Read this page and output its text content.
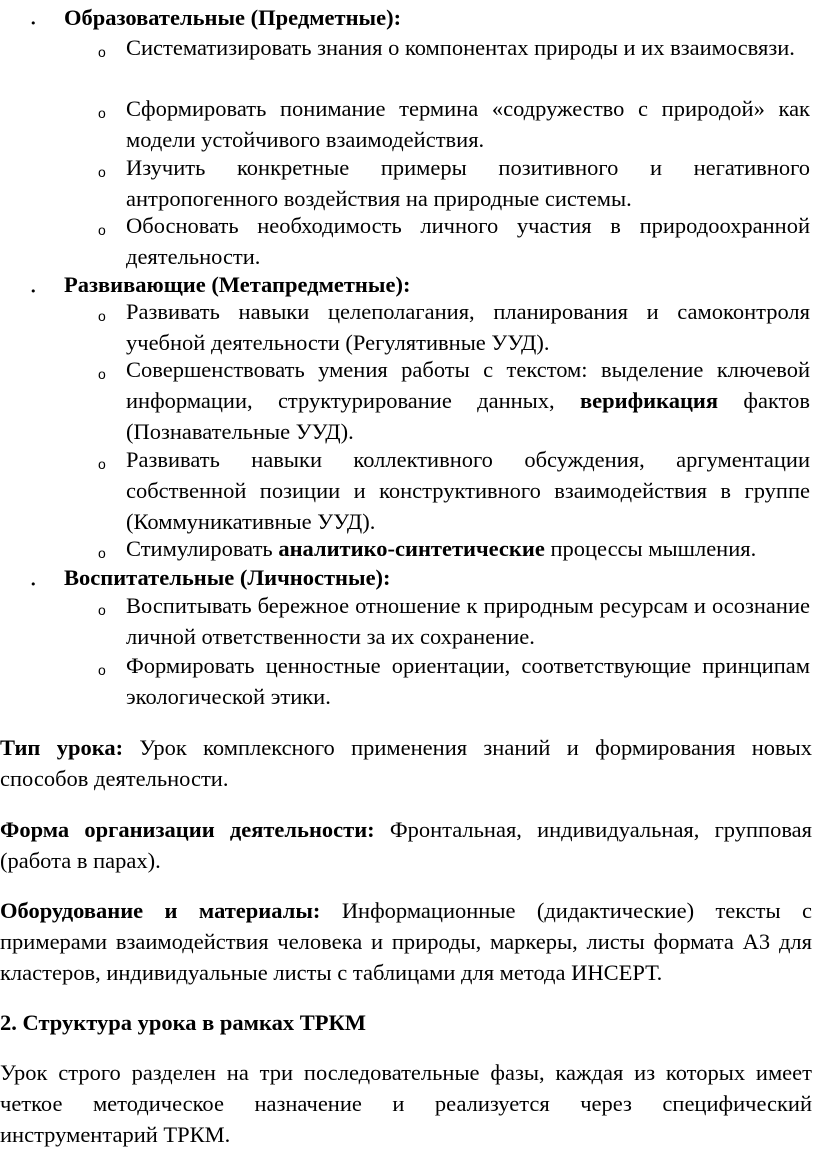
• Образовательные (Предметные):
o Систематизировать знания о компонентах природы и их взаимосвязи.
o Сформировать понимание термина «содружество с природой» как модели устойчивого взаимодействия.
o Изучить конкретные примеры позитивного и негативного антропогенного воздействия на природные системы.
o Обосновать необходимость личного участия в природоохранной деятельности.
• Развивающие (Метапредметные):
o Развивать навыки целеполагания, планирования и самоконтроля учебной деятельности (Регулятивные УУД).
o Совершенствовать умения работы с текстом: выделение ключевой информации, структурирование данных, верификация фактов (Познавательные УУД).
o Развивать навыки коллективного обсуждения, аргументации собственной позиции и конструктивного взаимодействия в группе (Коммуникативные УУД).
o Стимулировать аналитико-синтетические процессы мышления.
• Воспитательные (Личностные):
o Воспитывать бережное отношение к природным ресурсам и осознание личной ответственности за их сохранение.
o Формировать ценностные ориентации, соответствующие принципам экологической этики.
Тип урока: Урок комплексного применения знаний и формирования новых способов деятельности.
Форма организации деятельности: Фронтальная, индивидуальная, групповая (работа в парах).
Оборудование и материалы: Информационные (дидактические) тексты с примерами взаимодействия человека и природы, маркеры, листы формата А3 для кластеров, индивидуальные листы с таблицами для метода ИНСЕРТ.
2. Структура урока в рамках ТРКМ
Урок строго разделен на три последовательные фазы, каждая из которых имеет четкое методическое назначение и реализуется через специфический инструментарий ТРКМ.
